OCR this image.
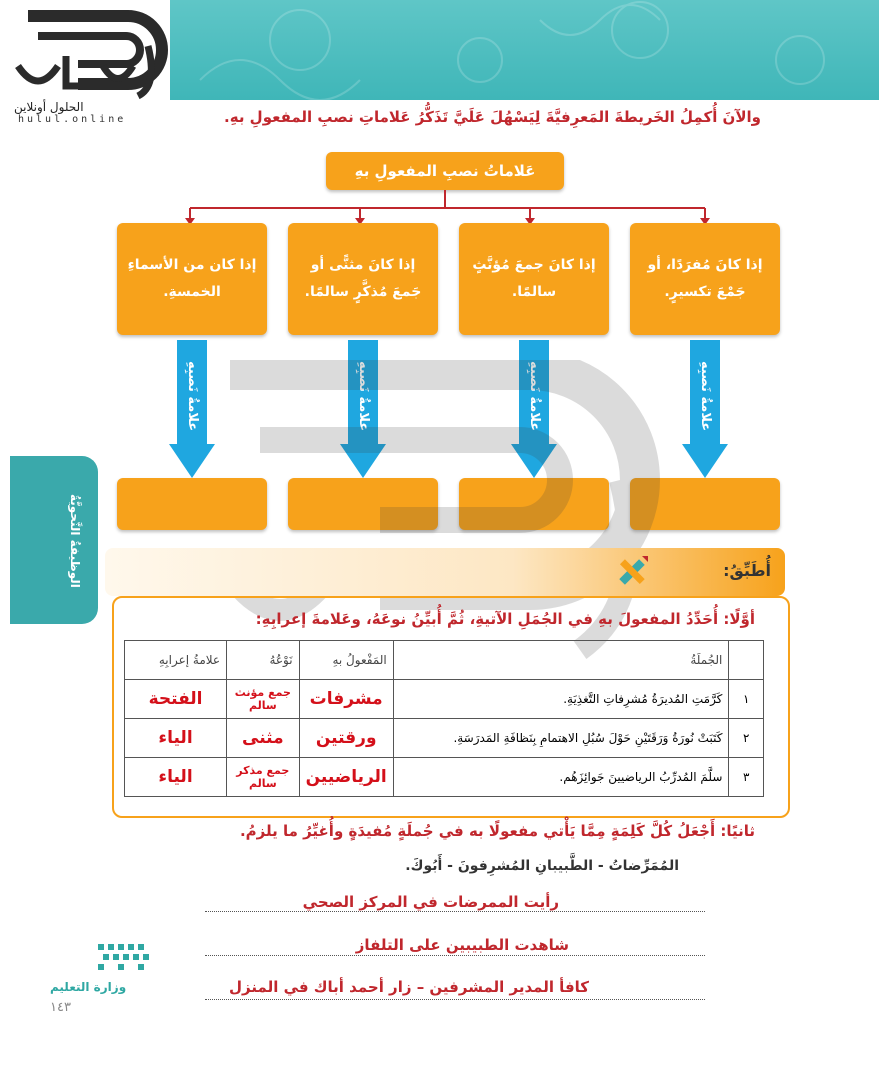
الحلول أونلاين
hulul.online	والآنَ أُكمِلُ الخَريطةَ المَعرِفيَّةَ لِيَسْهُلَ عَلَيَّ تَذَكُّرُ عَلاماتِ نصبِ المفعولِ بهِ.
عَلاماتُ نصبِ المفعولِ بهِ
إذا كانَ مُفرَدًا، أو جَمْعَ تكسيرٍ.
إذا كانَ جمعَ مُؤنَّثٍ سالمًا.
إذا كانَ مثنًّى أو جَمعَ مُذكَّرٍ سالمًا.
إذا كان من الأسماءِ الخمسةِ.
علامةُ نَصبِهِ
علامةُ نَصبِهِ
علامةُ نَصبِهِ
علامةُ نَصبِهِ
الوظيفةُ النَّحويَّةُ	أُطَبِّقُ:
أوَّلًا: أُحَدِّدُ المفعولَ بهِ في الجُمَلِ الآتيةِ، ثُمَّ أُبيِّنُ نوعَهُ، وعَلامةَ إعرابِهِ:
	الجُملَةُ	المَفْعولُ بهِ	نَوْعُهُ	علامةُ إعرابِهِ
١	كَرَّمَتِ المُديرَةُ مُشرِفاتِ التَّغذِيَةِ.	مشرفات	جمع مؤنث سالم	الفتحة
٢	كَتَبَتْ نُورَةُ وَرَقَتَيْنِ حَوْلَ سُبُلِ الاهتمامِ بِنَظافَةِ المَدرَسَةِ.	ورقتين	مثنى	الياء
٣	سلَّمَ المُدرِّبُ الرياضيينَ جَوائِزَهُم.	الرياضيين	جمع مذكر سالم	الياء
ثانيًا: أَجْعَلُ كُلَّ كَلِمَةٍ مِمَّا يَأْتي مفعولًا به في جُملَةٍ مُفيدَةٍ وأُغيِّرُ ما يلزمُ.
المُمَرِّضاتُ - الطَّبيبانِ المُشرِفونَ - أَبُوكَ.
رأيت الممرضات في المركز الصحي
شاهدت الطبيبين على التلفاز
كافأ المدير المشرفين – زار أحمد أباك في المنزل
وزارة التعليم
١٤٣
